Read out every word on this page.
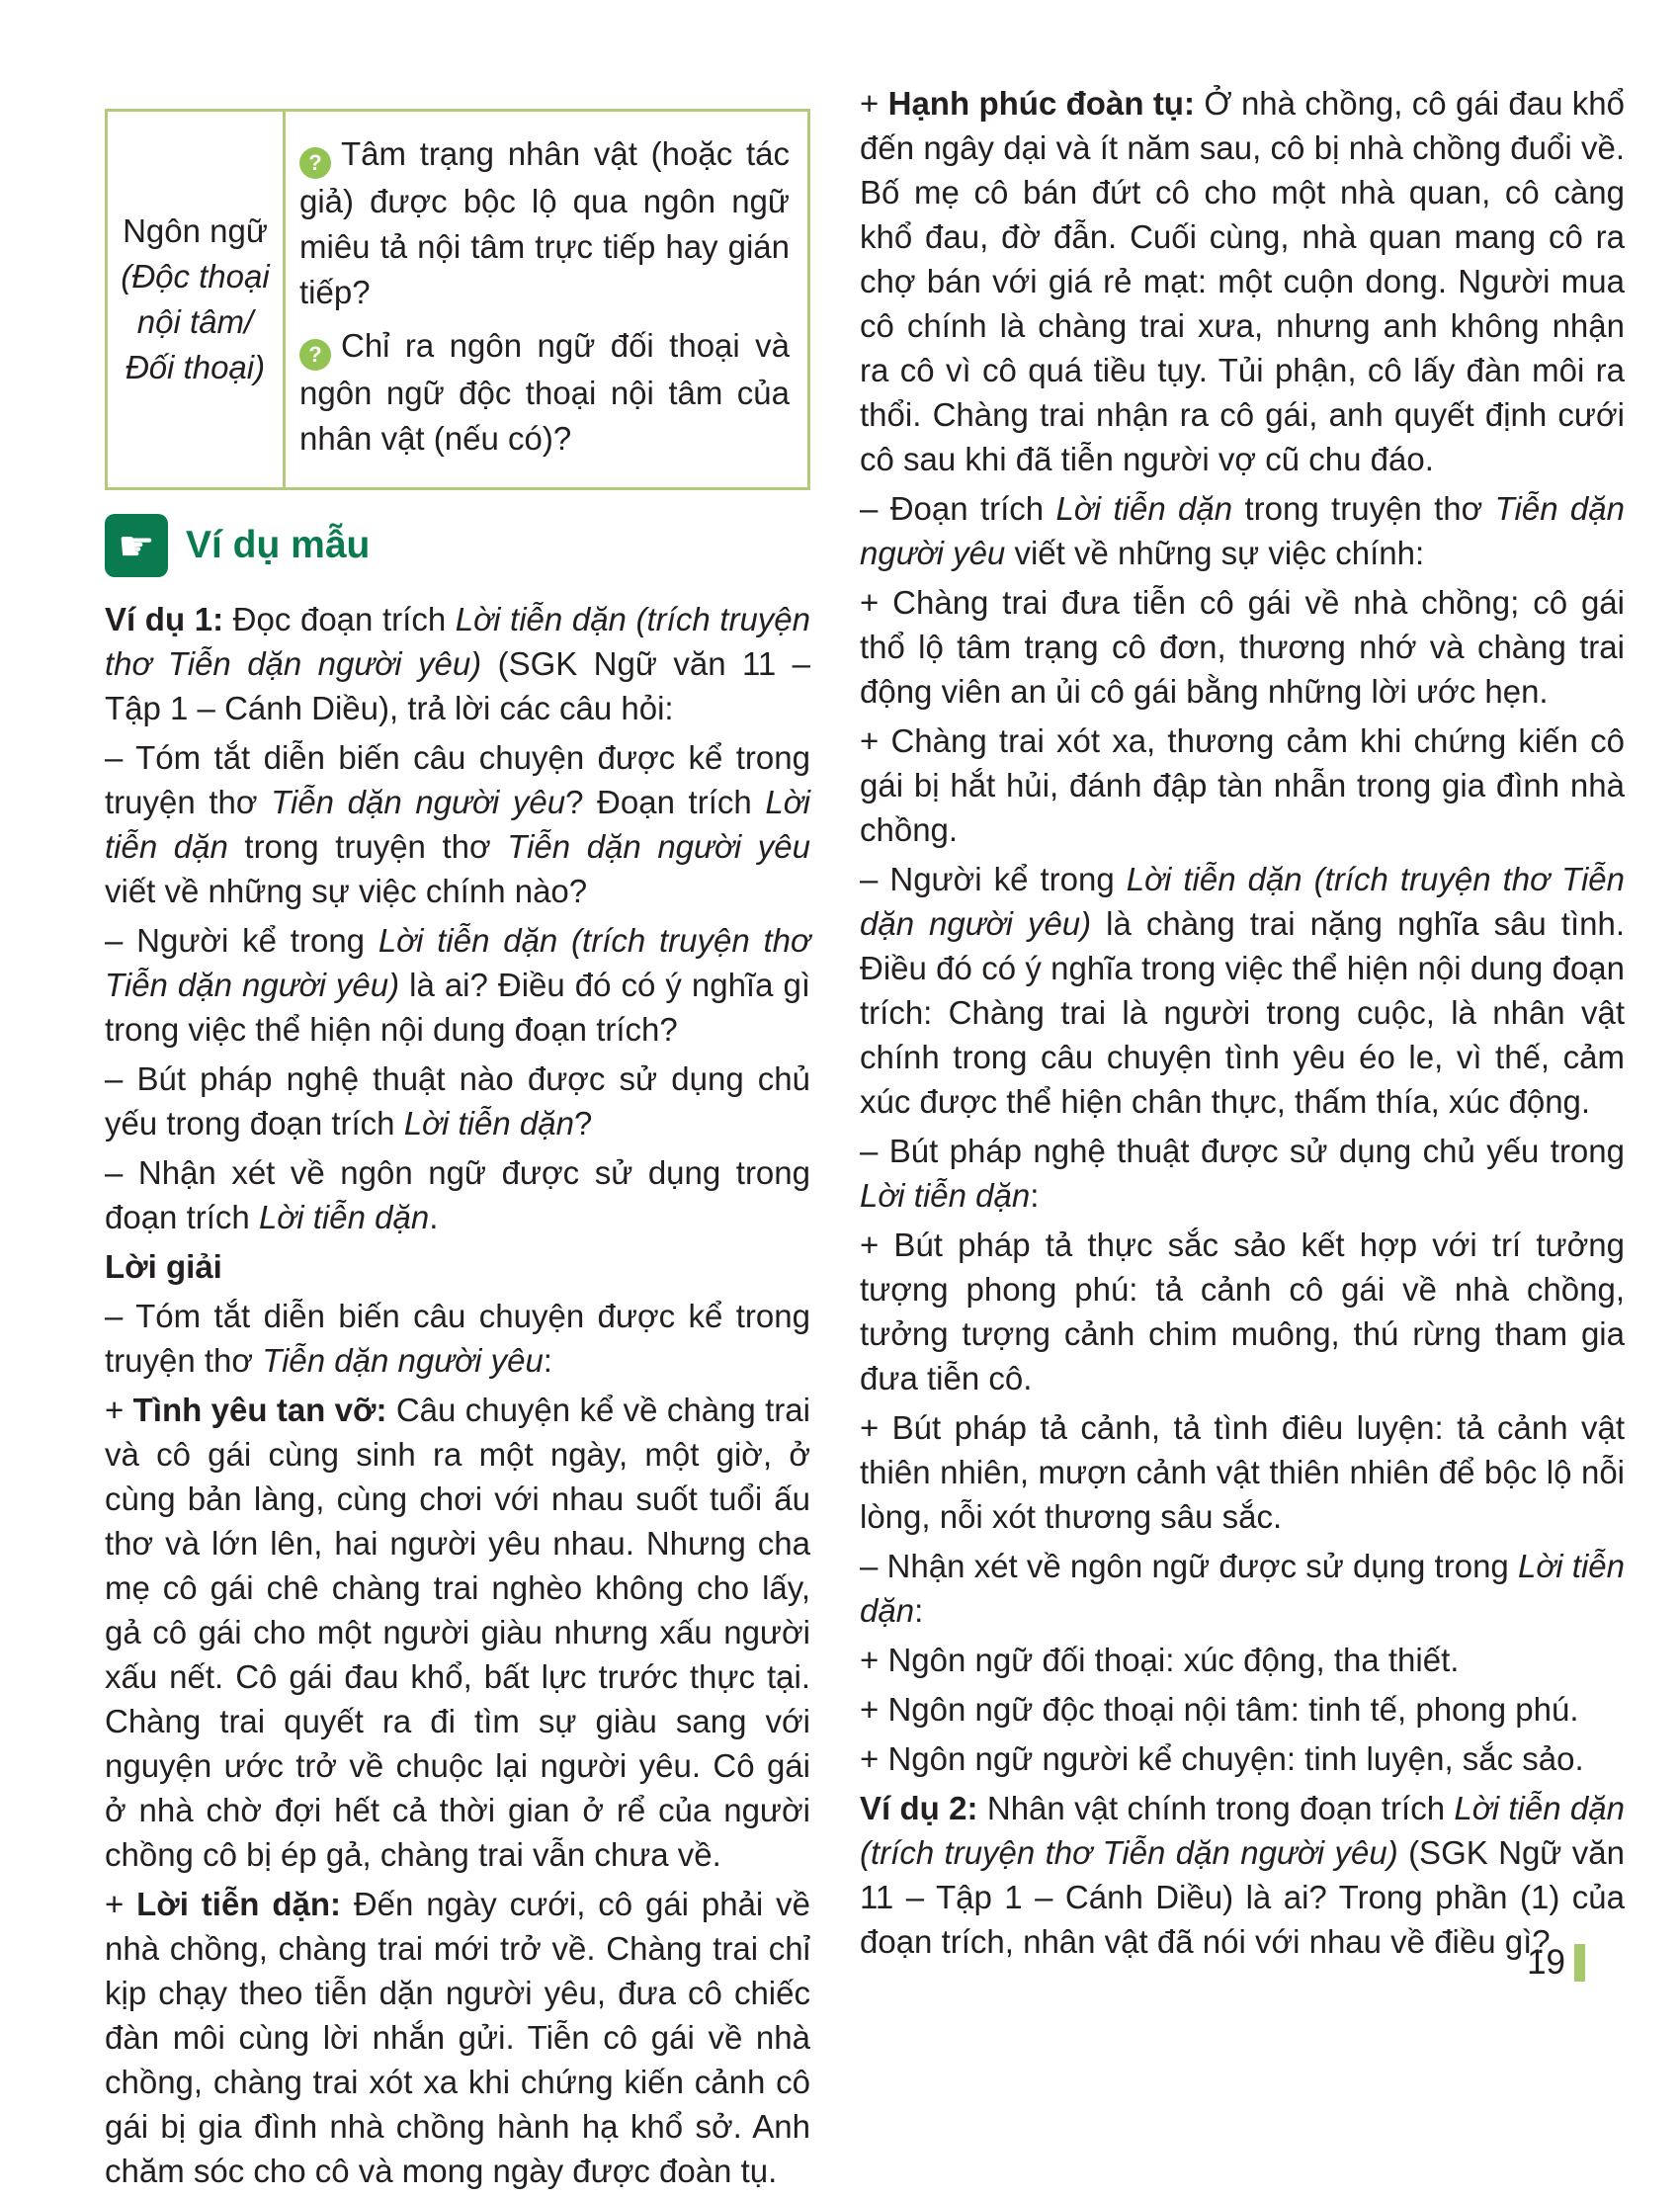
Ngôn ngữ
(Độc thoại nội tâm/ Đối thoại)

? Tâm trạng nhân vật (hoặc tác giả) được bộc lộ qua ngôn ngữ miêu tả nội tâm trực tiếp hay gián tiếp?

? Chỉ ra ngôn ngữ đối thoại và ngôn ngữ độc thoại nội tâm của nhân vật (nếu có)?

☛ Ví dụ mẫu

Ví dụ 1: Đọc đoạn trích Lời tiễn dặn (trích truyện thơ Tiễn dặn người yêu) (SGK Ngữ văn 11 – Tập 1 – Cánh Diều), trả lời các câu hỏi:

– Tóm tắt diễn biến câu chuyện được kể trong truyện thơ Tiễn dặn người yêu? Đoạn trích Lời tiễn dặn trong truyện thơ Tiễn dặn người yêu viết về những sự việc chính nào?

– Người kể trong Lời tiễn dặn (trích truyện thơ Tiễn dặn người yêu) là ai? Điều đó có ý nghĩa gì trong việc thể hiện nội dung đoạn trích?

– Bút pháp nghệ thuật nào được sử dụng chủ yếu trong đoạn trích Lời tiễn dặn?

– Nhận xét về ngôn ngữ được sử dụng trong đoạn trích Lời tiễn dặn.

Lời giải

– Tóm tắt diễn biến câu chuyện được kể trong truyện thơ Tiễn dặn người yêu:

+ Tình yêu tan vỡ: Câu chuyện kể về chàng trai và cô gái cùng sinh ra một ngày, một giờ, ở cùng bản làng, cùng chơi với nhau suốt tuổi ấu thơ và lớn lên, hai người yêu nhau. Nhưng cha mẹ cô gái chê chàng trai nghèo không cho lấy, gả cô gái cho một người giàu nhưng xấu người xấu nết. Cô gái đau khổ, bất lực trước thực tại. Chàng trai quyết ra đi tìm sự giàu sang với nguyện ước trở về chuộc lại người yêu. Cô gái ở nhà chờ đợi hết cả thời gian ở rể của người chồng cô bị ép gả, chàng trai vẫn chưa về.

+ Lời tiễn dặn: Đến ngày cưới, cô gái phải về nhà chồng, chàng trai mới trở về. Chàng trai chỉ kịp chạy theo tiễn dặn người yêu, đưa cô chiếc đàn môi cùng lời nhắn gửi. Tiễn cô gái về nhà chồng, chàng trai xót xa khi chứng kiến cảnh cô gái bị gia đình nhà chồng hành hạ khổ sở. Anh chăm sóc cho cô và mong ngày được đoàn tụ.

+ Hạnh phúc đoàn tụ: Ở nhà chồng, cô gái đau khổ đến ngây dại và ít năm sau, cô bị nhà chồng đuổi về. Bố mẹ cô bán đứt cô cho một nhà quan, cô càng khổ đau, đờ đẫn. Cuối cùng, nhà quan mang cô ra chợ bán với giá rẻ mạt: một cuộn dong. Người mua cô chính là chàng trai xưa, nhưng anh không nhận ra cô vì cô quá tiều tụy. Tủi phận, cô lấy đàn môi ra thổi. Chàng trai nhận ra cô gái, anh quyết định cưới cô sau khi đã tiễn người vợ cũ chu đáo.

– Đoạn trích Lời tiễn dặn trong truyện thơ Tiễn dặn người yêu viết về những sự việc chính:

+ Chàng trai đưa tiễn cô gái về nhà chồng; cô gái thổ lộ tâm trạng cô đơn, thương nhớ và chàng trai động viên an ủi cô gái bằng những lời ước hẹn.

+ Chàng trai xót xa, thương cảm khi chứng kiến cô gái bị hắt hủi, đánh đập tàn nhẫn trong gia đình nhà chồng.

– Người kể trong Lời tiễn dặn (trích truyện thơ Tiễn dặn người yêu) là chàng trai nặng nghĩa sâu tình. Điều đó có ý nghĩa trong việc thể hiện nội dung đoạn trích: Chàng trai là người trong cuộc, là nhân vật chính trong câu chuyện tình yêu éo le, vì thế, cảm xúc được thể hiện chân thực, thấm thía, xúc động.

– Bút pháp nghệ thuật được sử dụng chủ yếu trong Lời tiễn dặn:

+ Bút pháp tả thực sắc sảo kết hợp với trí tưởng tượng phong phú: tả cảnh cô gái về nhà chồng, tưởng tượng cảnh chim muông, thú rừng tham gia đưa tiễn cô.

+ Bút pháp tả cảnh, tả tình điêu luyện: tả cảnh vật thiên nhiên, mượn cảnh vật thiên nhiên để bộc lộ nỗi lòng, nỗi xót thương sâu sắc.

– Nhận xét về ngôn ngữ được sử dụng trong Lời tiễn dặn:

+ Ngôn ngữ đối thoại: xúc động, tha thiết.

+ Ngôn ngữ độc thoại nội tâm: tinh tế, phong phú.

+ Ngôn ngữ người kể chuyện: tinh luyện, sắc sảo.

Ví dụ 2: Nhân vật chính trong đoạn trích Lời tiễn dặn (trích truyện thơ Tiễn dặn người yêu) (SGK Ngữ văn 11 – Tập 1 – Cánh Diều) là ai? Trong phần (1) của đoạn trích, nhân vật đã nói với nhau về điều gì?

19
